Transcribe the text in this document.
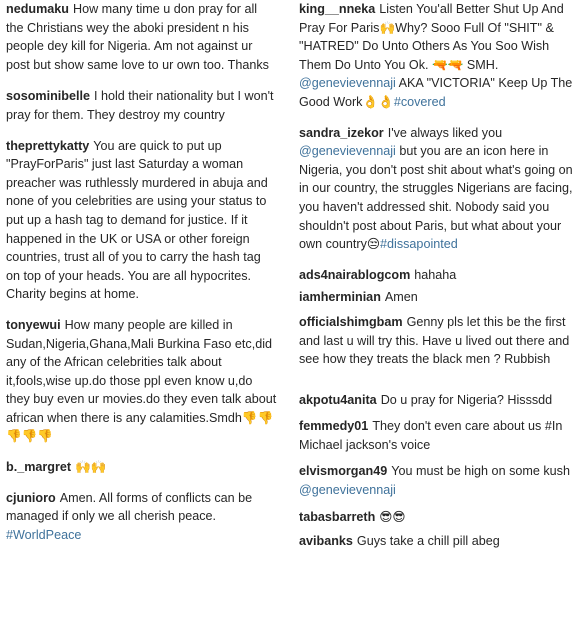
nedumaku How many time u don pray for all the Christians wey the aboki president n his people dey kill for Nigeria. Am not against ur post but show same love to ur own too. Thanks
sosominibelle I hold their nationality but I won't pray for them. They destroy my country
theprettykatty You are quick to put up "PrayForParis" just last Saturday a woman preacher was ruthlessly murdered in abuja and none of you celebrities are using your status to put up a hash tag to demand for justice. If it happened in the UK or USA or other foreign countries, trust all of you to carry the hash tag on top of your heads. You are all hypocrites. Charity begins at home.
tonyewui How many people are killed in Sudan,Nigeria,Ghana,Mali Burkina Faso etc,did any of the African celebrities talk about it,fools,wise up.do those ppl even know u,do they buy even ur movies.do they even talk about african when there is any calamities.Smdh👎👎👎👎👎
b._margret 🙌🙌
cjunioro Amen. All forms of conflicts can be managed if only we all cherish peace. #WorldPeace
king__nneka Listen You'all Better Shut Up And Pray For Paris🙌Why? Sooo Full Of "SHIT" & "HATRED" Do Unto Others As You Soo Wish Them Do Unto You Ok. 🔫🔫 SMH. @genevievennaji AKA "VICTORIA" Keep Up The Good Work👌👌#covered
sandra_izekor I've always liked you @genevievennaji but you are an icon here in Nigeria, you don't post shit about what's going on in our country, the struggles Nigerians are facing, you haven't addressed shit. Nobody said you shouldn't post about Paris, but what about your own country😒#dissapointed
ads4nairablogcom hahaha
iamherminian Amen
officialshimgbam Genny pls let this be the first and last u will try this. Have u lived out there and see how they treats the black men ? Rubbish
akpotu4anita Do u pray for Nigeria? Hisssdd
femmedy01 They don't even care about us #In Michael jackson's voice
elvismorgan49 You must be high on some kush @genevievennaji
tabasbarreth 😎😎
avibanks Guys take a chill pill abeg
